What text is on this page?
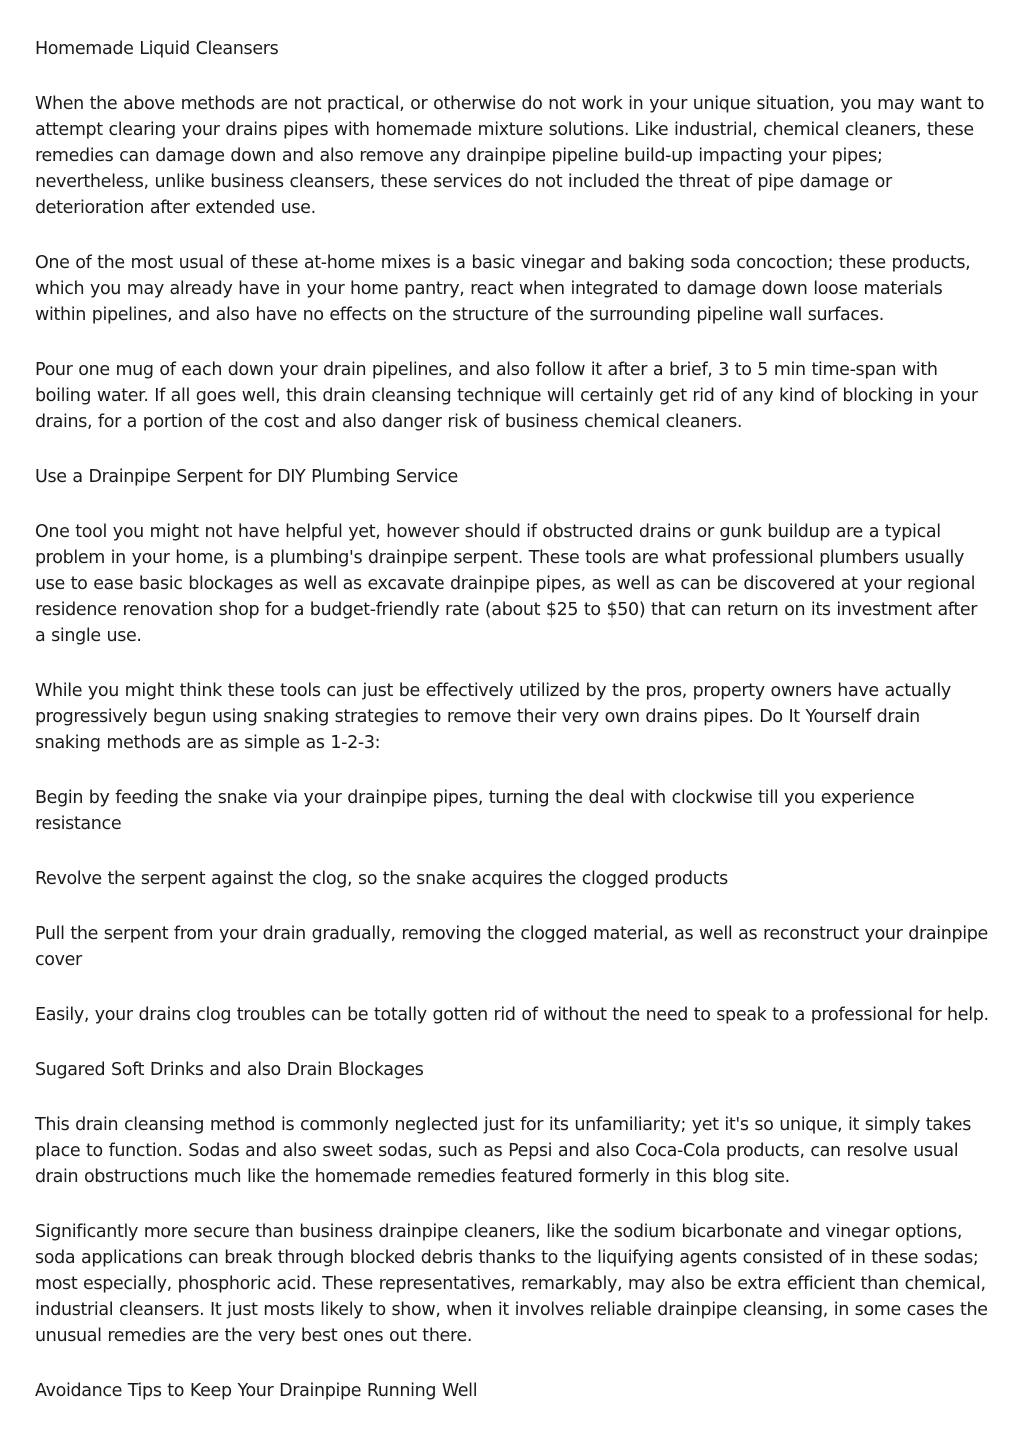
Homemade Liquid Cleansers

When the above methods are not practical, or otherwise do not work in your unique situation, you may want to attempt clearing your drains pipes with homemade mixture solutions. Like industrial, chemical cleaners, these remedies can damage down and also remove any drainpipe pipeline build-up impacting your pipes; nevertheless, unlike business cleansers, these services do not included the threat of pipe damage or deterioration after extended use.

One of the most usual of these at-home mixes is a basic vinegar and baking soda concoction; these products, which you may already have in your home pantry, react when integrated to damage down loose materials within pipelines, and also have no effects on the structure of the surrounding pipeline wall surfaces.

Pour one mug of each down your drain pipelines, and also follow it after a brief, 3 to 5 min time-span with boiling water. If all goes well, this drain cleansing technique will certainly get rid of any kind of blocking in your drains, for a portion of the cost and also danger risk of business chemical cleaners.

Use a Drainpipe Serpent for DIY Plumbing Service

One tool you might not have helpful yet, however should if obstructed drains or gunk buildup are a typical problem in your home, is a plumbing's drainpipe serpent. These tools are what professional plumbers usually use to ease basic blockages as well as excavate drainpipe pipes, as well as can be discovered at your regional residence renovation shop for a budget-friendly rate (about $25 to $50) that can return on its investment after a single use.

While you might think these tools can just be effectively utilized by the pros, property owners have actually progressively begun using snaking strategies to remove their very own drains pipes. Do It Yourself drain snaking methods are as simple as 1-2-3:

Begin by feeding the snake via your drainpipe pipes, turning the deal with clockwise till you experience resistance

Revolve the serpent against the clog, so the snake acquires the clogged products

Pull the serpent from your drain gradually, removing the clogged material, as well as reconstruct your drainpipe cover

Easily, your drains clog troubles can be totally gotten rid of without the need to speak to a professional for help.

Sugared Soft Drinks and also Drain Blockages

This drain cleansing method is commonly neglected just for its unfamiliarity; yet it's so unique, it simply takes place to function. Sodas and also sweet sodas, such as Pepsi and also Coca-Cola products, can resolve usual drain obstructions much like the homemade remedies featured formerly in this blog site.

Significantly more secure than business drainpipe cleaners, like the sodium bicarbonate and vinegar options, soda applications can break through blocked debris thanks to the liquifying agents consisted of in these sodas; most especially, phosphoric acid. These representatives, remarkably, may also be extra efficient than chemical, industrial cleansers. It just mosts likely to show, when it involves reliable drainpipe cleansing, in some cases the unusual remedies are the very best ones out there.

Avoidance Tips to Keep Your Drainpipe Running Well
